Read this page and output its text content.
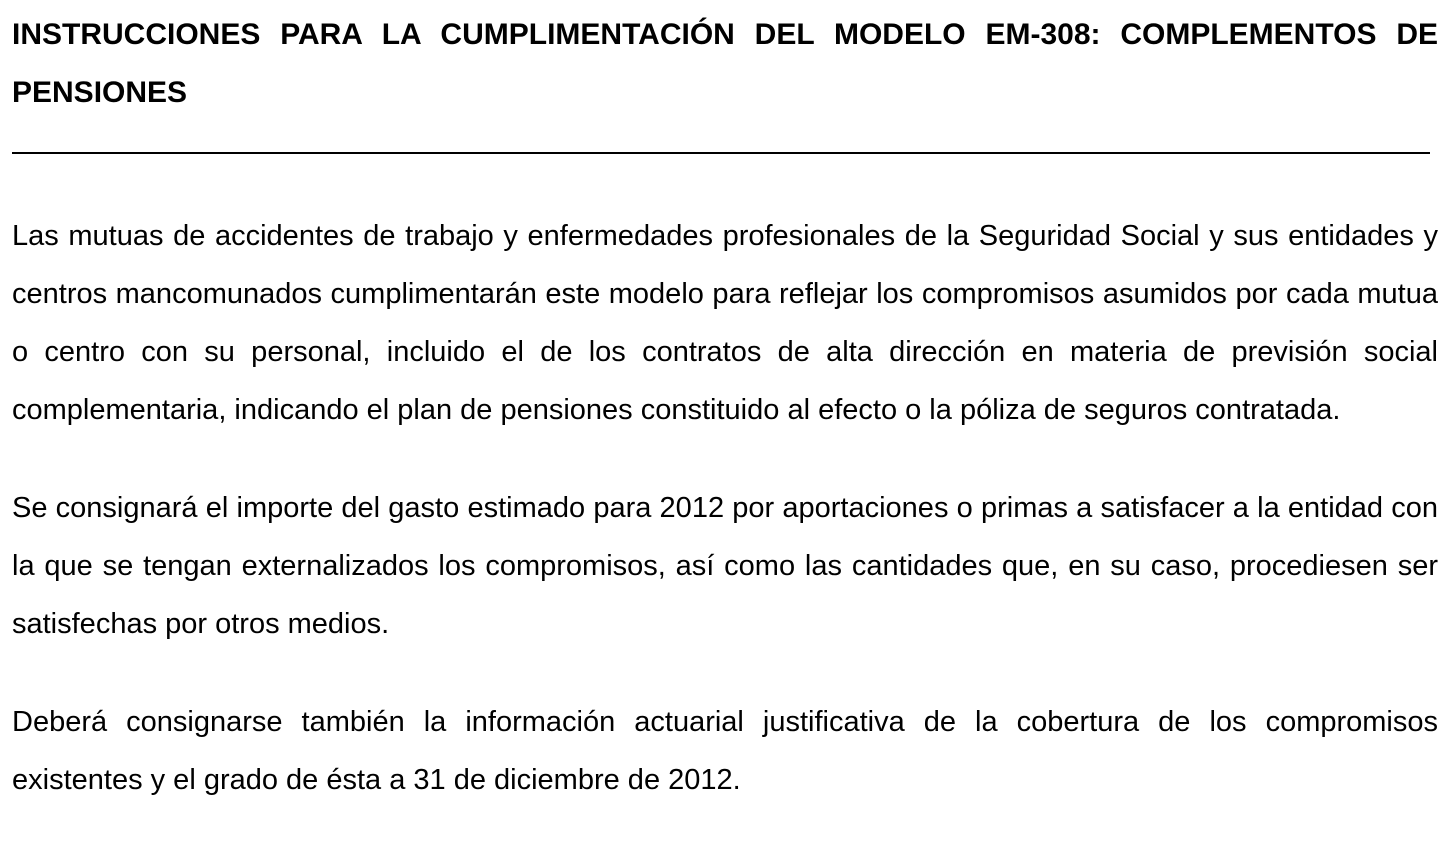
INSTRUCCIONES PARA LA CUMPLIMENTACIÓN DEL MODELO EM-308: COMPLEMENTOS DE PENSIONES

Las mutuas de accidentes de trabajo y enfermedades profesionales de la Seguridad Social y sus entidades y centros mancomunados cumplimentarán este modelo para reflejar los compromisos asumidos por cada mutua o centro con su personal, incluido el de los contratos de alta dirección en materia de previsión social complementaria, indicando el plan de pensiones constituido al efecto o la póliza de seguros contratada.

Se consignará el importe del gasto estimado para 2012 por aportaciones o primas a satisfacer a la entidad con la que se tengan externalizados los compromisos, así como las cantidades que, en su caso, procediesen ser satisfechas por otros medios.

Deberá consignarse también la información actuarial justificativa de la cobertura de los compromisos existentes y el grado de ésta a 31 de diciembre de 2012.
